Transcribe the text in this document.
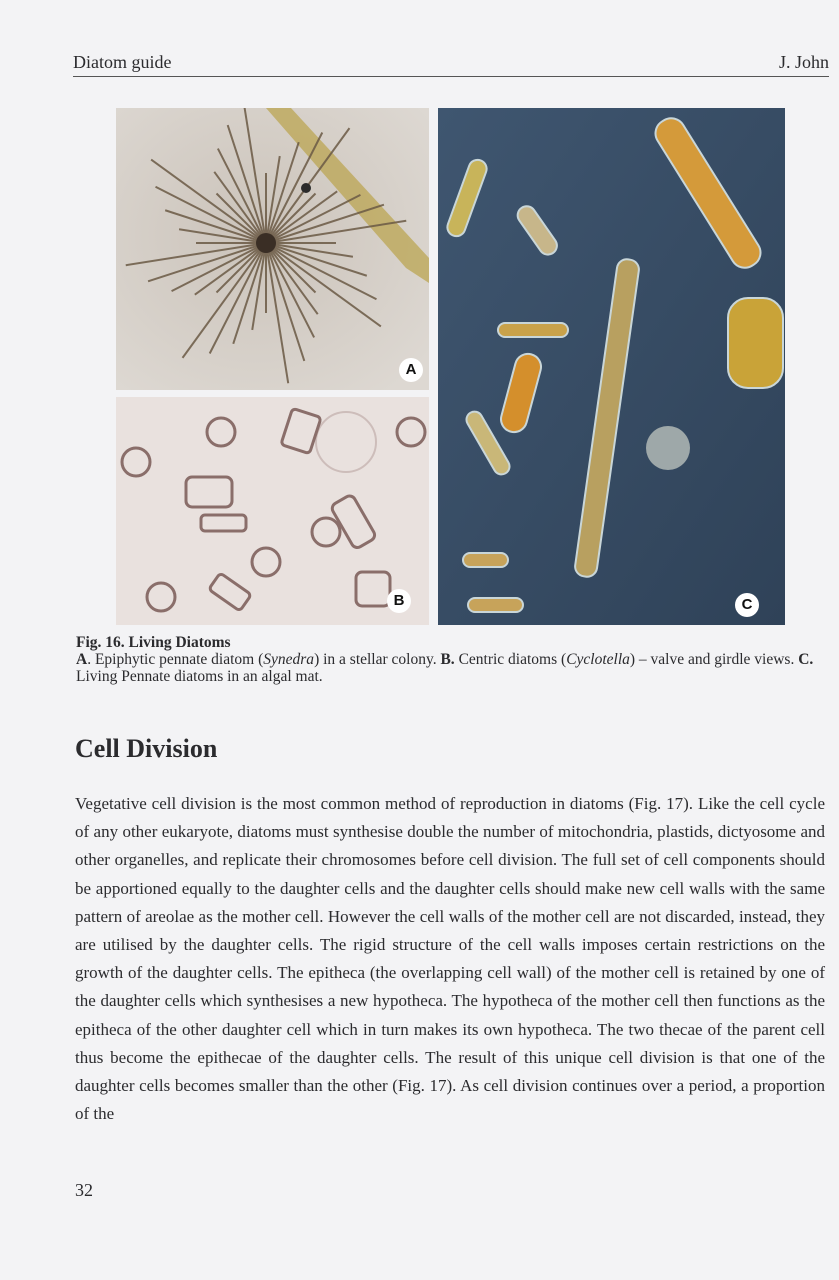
Diatom guide	J. John
A
B	C
Fig. 16. Living Diatoms
A. Epiphytic pennate diatom (Synedra) in a stellar colony. B. Centric diatoms (Cyclotella) – valve and girdle views. C. Living Pennate diatoms in an algal mat.
Cell Division

Vegetative cell division is the most common method of reproduction in diatoms (Fig. 17). Like the cell cycle of any other eukaryote, diatoms must synthesise double the number of mitochondria, plastids, dictyosome and other organelles, and replicate their chromosomes before cell division. The full set of cell components should be apportioned equally to the daughter cells and the daughter cells should make new cell walls with the same pattern of areolae as the mother cell. However the cell walls of the mother cell are not discarded, instead, they are utilised by the daughter cells. The rigid structure of the cell walls imposes certain restrictions on the growth of the daughter cells. The epitheca (the overlapping cell wall) of the mother cell is retained by one of the daughter cells which synthesises a new hypotheca. The hypotheca of the mother cell then functions as the epitheca of the other daughter cell which in turn makes its own hypotheca. The two thecae of the parent cell thus become the epithecae of the daughter cells. The result of this unique cell division is that one of the daughter cells becomes smaller than the other (Fig. 17). As cell division continues over a period, a proportion of the

32
